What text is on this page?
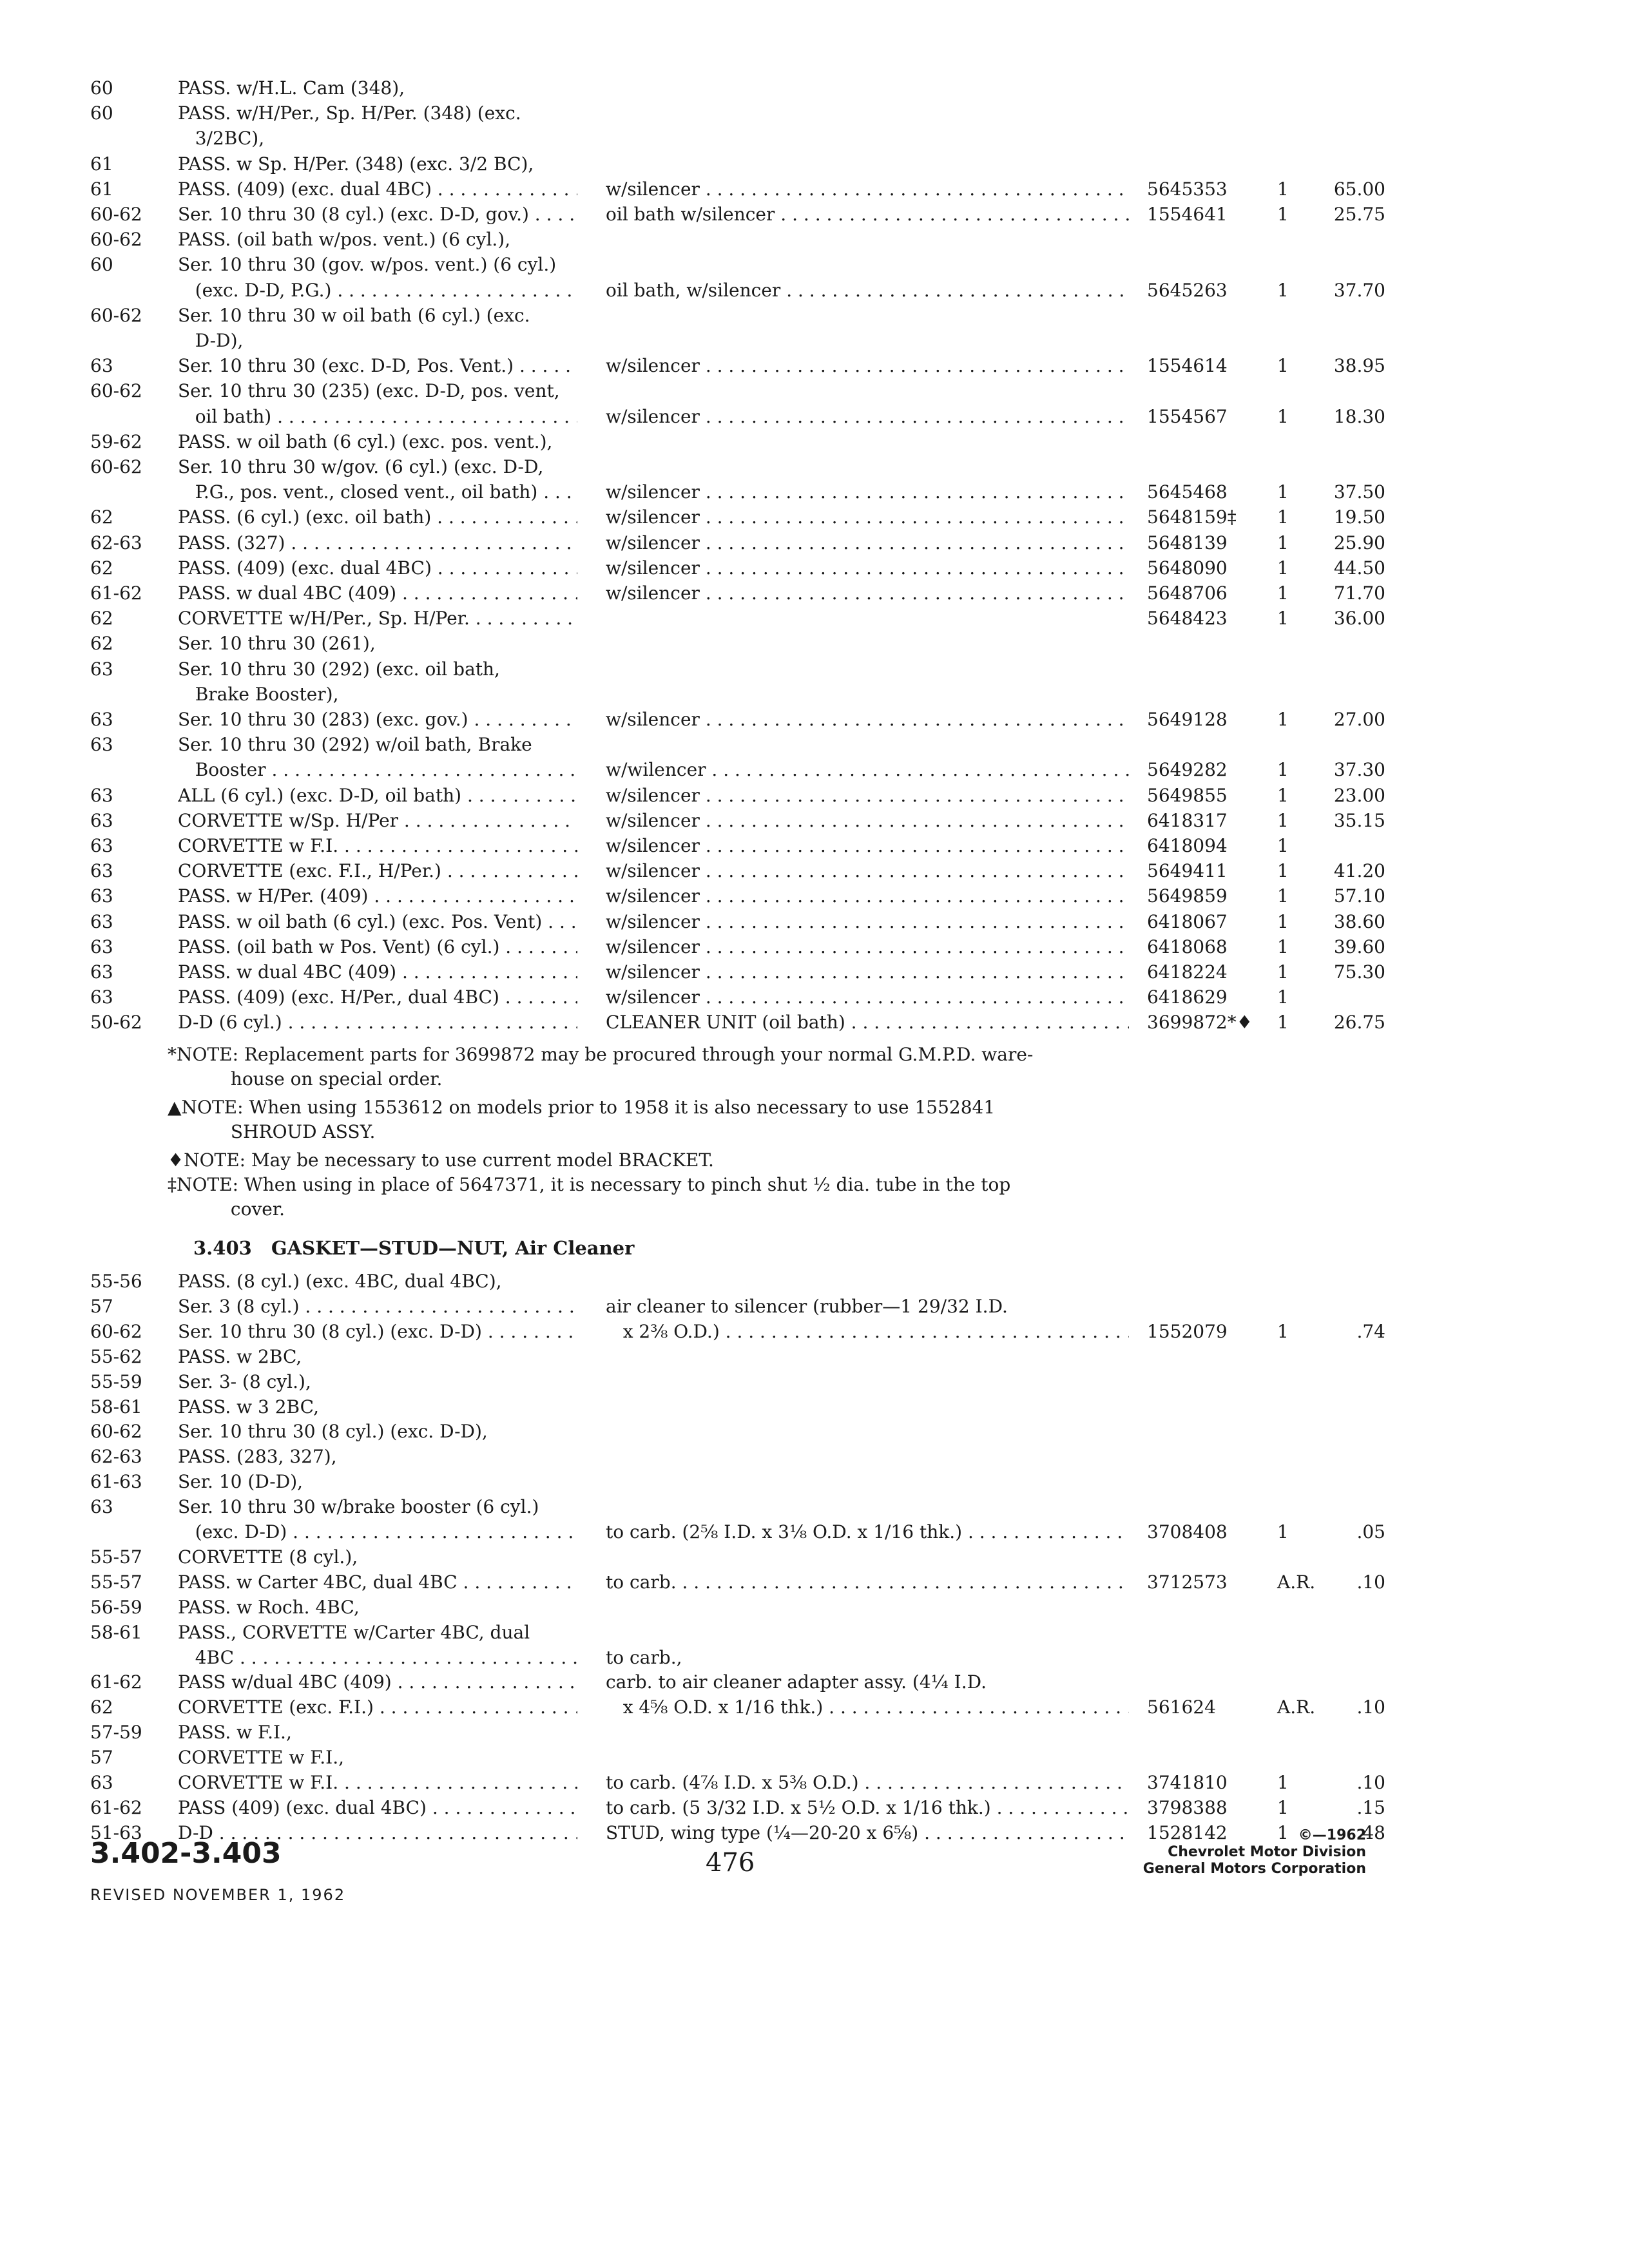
60	PASS. w/H.L. Cam (348),
60	PASS. w/H/Per., Sp. H/Per. (348) (exc.
3/2BC),
61	PASS. w Sp. H/Per. (348) (exc. 3/2 BC),
61	PASS. (409) (exc. dual 4BC) . . .	w/silencer . . .	5645353	1	65.00
60-62	Ser. 10 thru 30 (8 cyl.) (exc. D-D, gov.) . . .	oil bath w/silencer . . .	1554641	1	25.75
60-62	PASS. (oil bath w/pos. vent.) (6 cyl.),
60	Ser. 10 thru 30 (gov. w/pos. vent.) (6 cyl.)
(exc. D-D, P.G.) . . .	oil bath, w/silencer . . .	5645263	1	37.70
60-62	Ser. 10 thru 30 w oil bath (6 cyl.) (exc.
D-D),
63	Ser. 10 thru 30 (exc. D-D, Pos. Vent.) . . .	w/silencer . . .	1554614	1	38.95
60-62	Ser. 10 thru 30 (235) (exc. D-D, pos. vent,
oil bath) . . .	w/silencer . . .	1554567	1	18.30
59-62	PASS. w oil bath (6 cyl.) (exc. pos. vent.),
60-62	Ser. 10 thru 30 w/gov. (6 cyl.) (exc. D-D,
P.G., pos. vent., closed vent., oil bath) . . .	w/silencer . . .	5645468	1	37.50
62	PASS. (6 cyl.) (exc. oil bath) . . .	w/silencer . . .	5648159‡	1	19.50
62-63	PASS. (327) . . .	w/silencer . . .	5648139	1	25.90
62	PASS. (409) (exc. dual 4BC) . . .	w/silencer . . .	5648090	1	44.50
61-62	PASS. w dual 4BC (409) . . .	w/silencer . . .	5648706	1	71.70
62	CORVETTE w/H/Per., Sp. H/Per. . . .	5648423	1	36.00
62	Ser. 10 thru 30 (261),
63	Ser. 10 thru 30 (292) (exc. oil bath,
Brake Booster),
63	Ser. 10 thru 30 (283) (exc. gov.) . . .	w/silencer . . .	5649128	1	27.00
63	Ser. 10 thru 30 (292) w/oil bath, Brake
Booster . . .	w/wilencer . . .	5649282	1	37.30
63	ALL (6 cyl.) (exc. D-D, oil bath) . . .	w/silencer . . .	5649855	1	23.00
63	CORVETTE w/Sp. H/Per . . .	w/silencer . . .	6418317	1	35.15
63	CORVETTE w F.I. . . .	w/silencer . . .	6418094	1
63	CORVETTE (exc. F.I., H/Per.) . . .	w/silencer . . .	5649411	1	41.20
63	PASS. w H/Per. (409) . . .	w/silencer . . .	5649859	1	57.10
63	PASS. w oil bath (6 cyl.) (exc. Pos. Vent) . . .	w/silencer . . .	6418067	1	38.60
63	PASS. (oil bath w Pos. Vent) (6 cyl.) . . .	w/silencer . . .	6418068	1	39.60
63	PASS. w dual 4BC (409) . . .	w/silencer . . .	6418224	1	75.30
63	PASS. (409) (exc. H/Per., dual 4BC) . . .	w/silencer . . .	6418629	1
50-62	D-D (6 cyl.) . . .	CLEANER UNIT (oil bath) . . .	3699872*♦	1	26.75
*NOTE: Replacement parts for 3699872 may be procured through your normal G.M.P.D. ware-
house on special order.
▲NOTE: When using 1553612 on models prior to 1958 it is also necessary to use 1552841
SHROUD ASSY.
♦NOTE: May be necessary to use current model BRACKET.
‡NOTE: When using in place of 5647371, it is necessary to pinch shut ½ dia. tube in the top
cover.
3.403 GASKET—STUD—NUT, Air Cleaner
55-56	PASS. (8 cyl.) (exc. 4BC, dual 4BC),
57	Ser. 3 (8 cyl.) . . .	air cleaner to silencer (rubber—1 29/32 I.D.
60-62	Ser. 10 thru 30 (8 cyl.) (exc. D-D) . . .	x 2⅜ O.D.) . . .	1552079	1	.74
55-62	PASS. w 2BC,
55-59	Ser. 3- (8 cyl.),
58-61	PASS. w 3 2BC,
60-62	Ser. 10 thru 30 (8 cyl.) (exc. D-D),
62-63	PASS. (283, 327),
61-63	Ser. 10 (D-D),
63	Ser. 10 thru 30 w/brake booster (6 cyl.)
(exc. D-D) . . .	to carb. (2⅝ I.D. x 3⅛ O.D. x 1/16 thk.) . . .	3708408	1	.05
55-57	CORVETTE (8 cyl.),
55-57	PASS. w Carter 4BC, dual 4BC . . .	to carb. . . .	3712573	A.R.	.10
56-59	PASS. w Roch. 4BC,
58-61	PASS., CORVETTE w/Carter 4BC, dual
4BC . . .	to carb.,
61-62	PASS w/dual 4BC (409) . . .	carb. to air cleaner adapter assy. (4¼ I.D.
62	CORVETTE (exc. F.I.) . . .	x 4⅝ O.D. x 1/16 thk.) . . .	561624	A.R.	.10
57-59	PASS. w F.I.,
57	CORVETTE w F.I.,
63	CORVETTE w F.I. . . .	to carb. (4⅞ I.D. x 5⅜ O.D.) . . .	3741810	1	.10
61-62	PASS (409) (exc. dual 4BC) . . .	to carb. (5 3/32 I.D. x 5½ O.D. x 1/16 thk.) . . .	3798388	1	.15
51-63	D-D . . .	STUD, wing type (¼—20-20 x 6⅝) . . .	1528142	1	48
3.402-3.403
REVISED NOVEMBER 1, 1962
476
©—1962
Chevrolet Motor Division
General Motors Corporation
